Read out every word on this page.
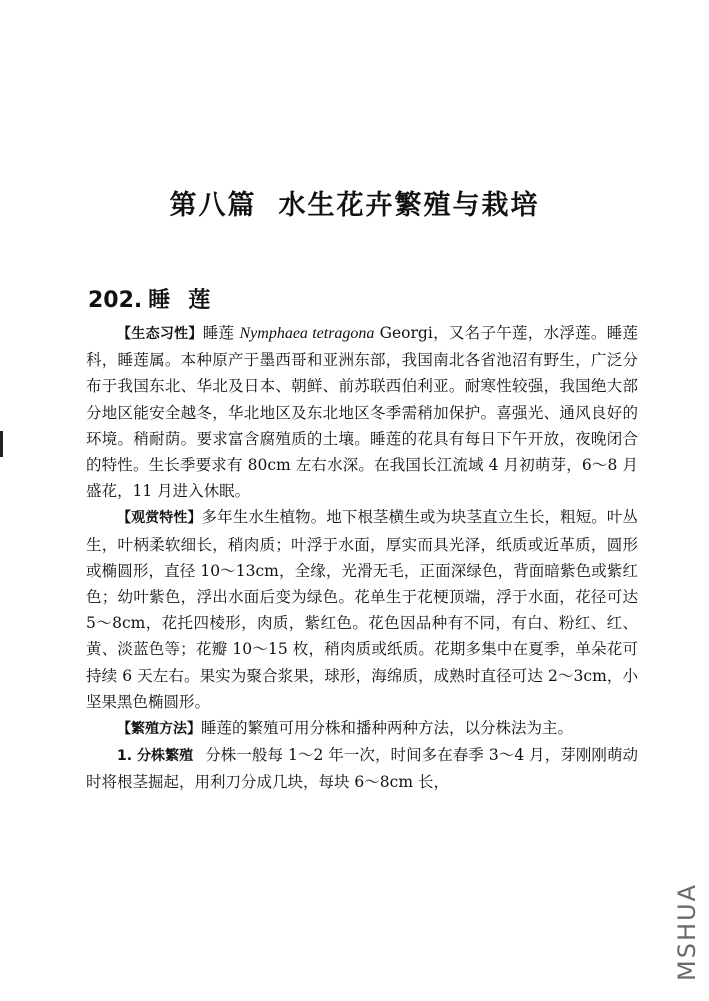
第八篇 水生花卉繁殖与栽培
202. 睡莲

【生态习性】睡莲 Nymphaea tetragona Georgi，又名子午莲，水浮莲。睡莲科，睡莲属。本种原产于墨西哥和亚洲东部，我国南北各省池沼有野生，广泛分布于我国东北、华北及日本、朝鲜、前苏联西伯利亚。耐寒性较强，我国绝大部分地区能安全越冬，华北地区及东北地区冬季需稍加保护。喜强光、通风良好的环境。稍耐荫。要求富含腐殖质的土壤。睡莲的花具有每日下午开放，夜晚闭合的特性。生长季要求有 80cm 左右水深。在我国长江流域 4 月初萌芽，6～8 月盛花，11 月进入休眠。

【观赏特性】多年生水生植物。地下根茎横生或为块茎直立生长，粗短。叶丛生，叶柄柔软细长，稍肉质；叶浮于水面，厚实而具光泽，纸质或近革质，圆形或椭圆形，直径 10～13cm，全缘，光滑无毛，正面深绿色，背面暗紫色或紫红色；幼叶紫色，浮出水面后变为绿色。花单生于花梗顶端，浮于水面，花径可达 5～8cm，花托四棱形，肉质，紫红色。花色因品种有不同，有白、粉红、红、黄、淡蓝色等；花瓣 10～15 枚，稍肉质或纸质。花期多集中在夏季，单朵花可持续 6 天左右。果实为聚合浆果，球形，海绵质，成熟时直径可达 2～3cm，小坚果黑色椭圆形。

【繁殖方法】睡莲的繁殖可用分株和播种两种方法，以分株法为主。

1. 分株繁殖 分株一般每 1～2 年一次，时间多在春季 3～4 月，芽刚刚萌动时将根茎掘起，用利刀分成几块，每块 6～8cm 长，

MSHUA
